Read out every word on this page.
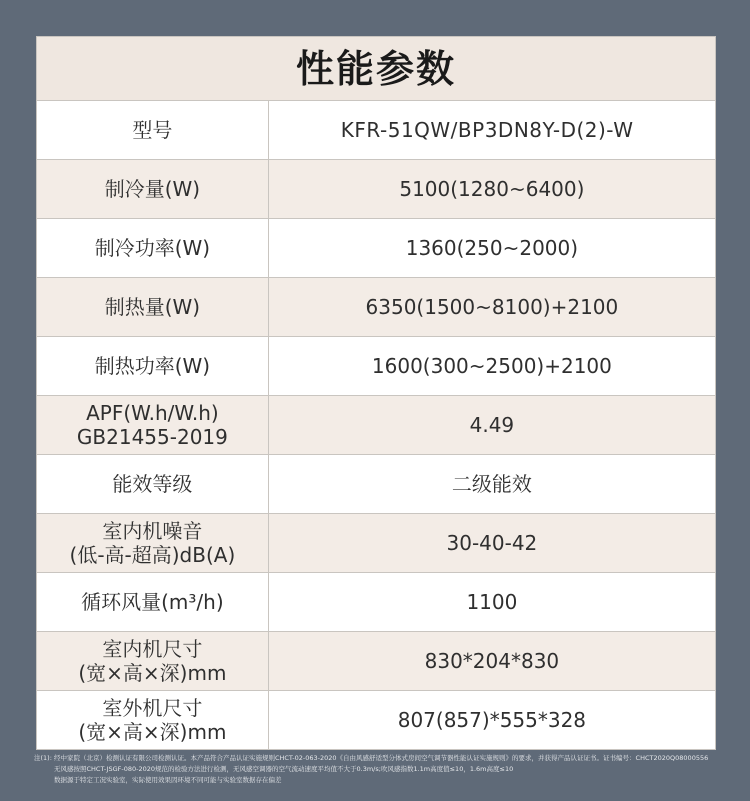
性能参数	

型号	KFR-51QW/BP3DN8Y-D(2)-W

制冷量(W)	5100(1280~6400)

制冷功率(W)	1360(250~2000)

制热量(W)	6350(1500~8100)+2100

制热功率(W)	1600(300~2500)+2100

APF(W.h/W.h)
GB21455-2019	4.49

能效等级	二级能效

室内机噪音
(低-高-超高)dB(A)	30-40-42

循环风量(m³/h)	1100

室内机尺寸
(宽×高×深)mm	830*204*830

室外机尺寸
(宽×高×深)mm	807(857)*555*328
注(1): 经中家院（北京）检测认证有限公司检测认证。本产品符合产品认证实施规则CHCT-02-063-2020《自由风感舒适型分体式房间空气调节器性能认证实施规则》的要求，并获得产品认证证书。证书编号：CHCT2020Q08000556
无风感按照CHCT-JSGF-080-2020规范的检验方法进行检测，无风感空调器的空气流动速度平均值不大于0.3m/s;吹风感指数1.1m高度值≤10，1.6m高度≤10
数据源于特定工况实验室，实际使用效果因环境不同可能与实验室数据存在偏差
